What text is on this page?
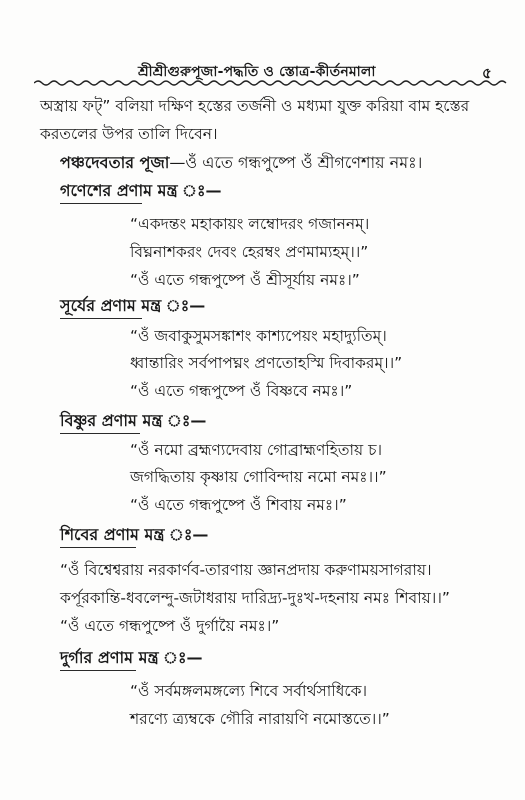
শ্রীশ্রীগুরুপূজা-পদ্ধতি ও স্তোত্র-কীর্তনমালা	৫
অস্ত্রায় ফট্‌” বলিয়া দক্ষিণ হস্তের তর্জনী ও মধ্যমা যুক্ত করিয়া বাম হস্তের
করতলের উপর তালি দিবেন।
পঞ্চদেবতার পূজা—ওঁ এতে গন্ধপুষ্পে ওঁ শ্রীগণেশায় নমঃ।
গণেশের প্রণাম মন্ত্র ঃ—
“একদন্তং মহাকায়ং লম্বোদরং গজাননম্‌।
বিঘ্ননাশকরং দেবং হেরম্বং প্রণমাম্যহম্‌।।”
“ওঁ এতে গন্ধপুষ্পে ওঁ শ্রীসূর্যায় নমঃ।”
সূর্যের প্রণাম মন্ত্র ঃ—
“ওঁ জবাকুসুমসঙ্কাশং কাশ্যপেয়ং মহাদ্যুতিম্‌।
ধ্বান্তারিং সর্বপাপঘ্নং প্রণতোহস্মি দিবাকরম্‌।।”
“ওঁ এতে গন্ধপুষ্পে ওঁ বিষ্ণবে নমঃ।”
বিষ্ণুর প্রণাম মন্ত্র ঃ—
“ওঁ নমো ব্রহ্মণ্যদেবায় গোব্রাহ্মণহিতায় চ।
জগদ্ধিতায় কৃষ্ণায় গোবিন্দায় নমো নমঃ।।”
“ওঁ এতে গন্ধপুষ্পে ওঁ শিবায় নমঃ।”
শিবের প্রণাম মন্ত্র ঃ—
“ওঁ বিশ্বেশ্বরায় নরকার্ণব-তারণায় জ্ঞানপ্রদায় করুণাময়সাগরায়।
কর্পূরকান্তি-ধবলেন্দু-জটাধরায় দারিদ্র্য-দুঃখ-দহনায় নমঃ শিবায়।।”
“ওঁ এতে গন্ধপুষ্পে ওঁ দুর্গায়ৈ নমঃ।”
দুর্গার প্রণাম মন্ত্র ঃ—
“ওঁ সর্বমঙ্গলমঙ্গল্যে শিবে সর্বার্থসাধিকে।
শরণ্যে ত্র্যম্বকে গৌরি নারায়ণি নমোস্ততে।।”
